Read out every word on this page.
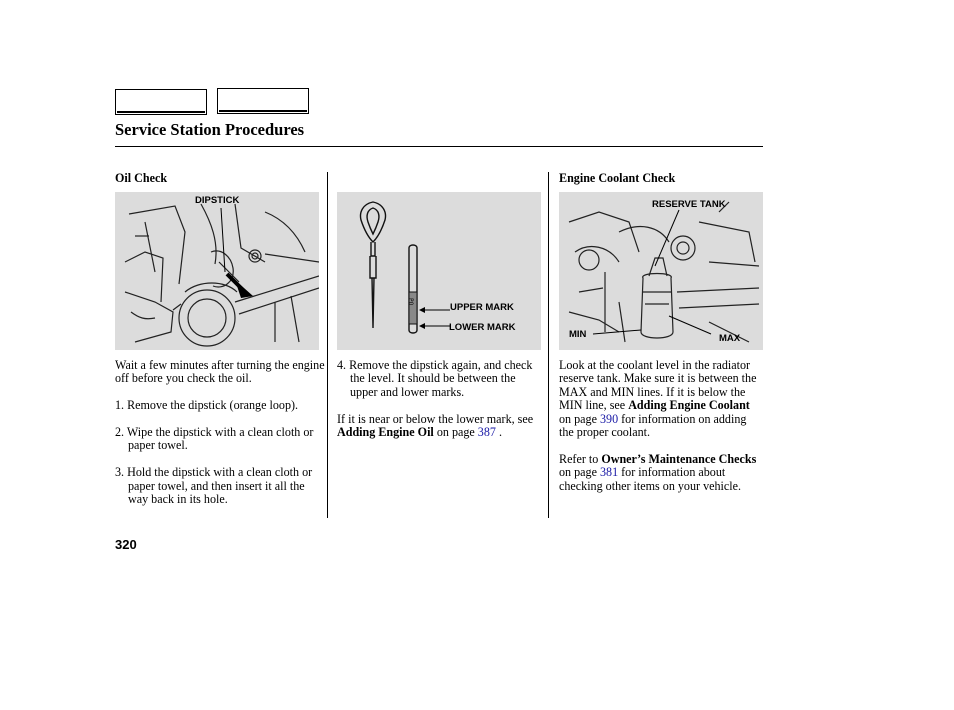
Service Station Procedures
Oil Check
DIPSTICK

Wait a few minutes after turning the engine off before you check the oil.

1. Remove the dipstick (orange loop).

2. Wipe the dipstick with a clean cloth or paper towel.

3. Hold the dipstick with a clean cloth or paper towel, and then insert it all the way back in its hole.

PO
UPPER MARK
LOWER MARK

4. Remove the dipstick again, and check the level. It should be between the upper and lower marks.

If it is near or below the lower mark, see Adding Engine Oil on page 387 .

Engine Coolant Check
RESERVE TANK
MIN	MAX

Look at the coolant level in the radiator reserve tank. Make sure it is between the MAX and MIN lines. If it is below the MIN line, see Adding Engine Coolant on page 390 for information on adding the proper coolant.

Refer to Owner’s Maintenance Checks on page 381 for information about checking other items on your vehicle.

320
